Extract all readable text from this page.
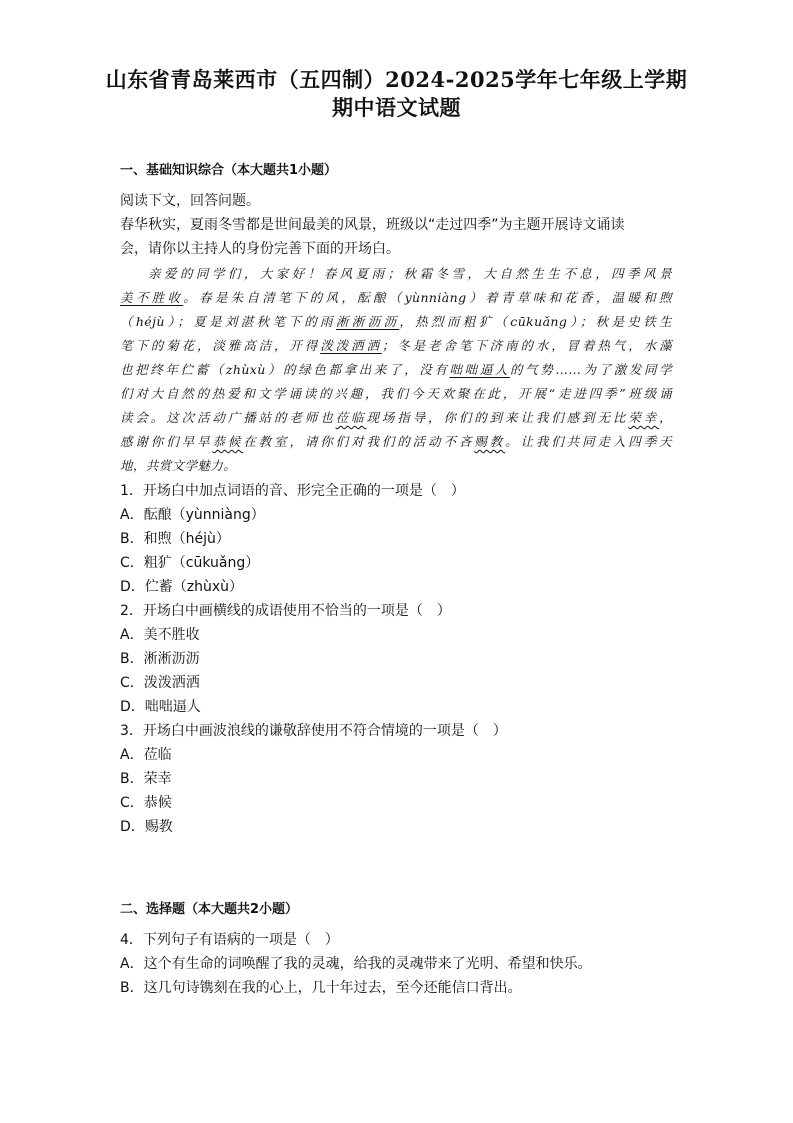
山东省青岛莱西市（五四制）2024-2025学年七年级上学期
期中语文试题
一、基础知识综合（本大题共1小题）
阅读下文，回答问题。
春华秋实，夏雨冬雪都是世间最美的风景，班级以“走过四季”为主题开展诗文诵读
会，请你以主持人的身份完善下面的开场白。
亲爱的同学们，大家好！春风夏雨；秋霜冬雪，大自然生生不息，四季风景
美不胜收。春是朱自清笔下的风，酝酿（yùnniàng）着青草味和花香，温暖和煦
（héjù）；夏是刘湛秋笔下的雨淅淅沥沥，热烈而粗犷（cūkuǎng）；秋是史铁生
笔下的菊花，淡雅高洁，开得泼泼洒洒；冬是老舍笔下济南的水，冒着热气，水藻
也把终年伫蓄（zhùxù）的绿色都拿出来了，没有咄咄逼人的气势……为了激发同学
们对大自然的热爱和文学诵读的兴趣，我们今天欢聚在此，开展“走进四季”班级诵
读会。这次活动广播站的老师也莅临现场指导，你们的到来让我们感到无比荣幸，
感谢你们早早恭候在教室，请你们对我们的活动不吝赐教。让我们共同走入四季天
地，共赏文学魅力。
1．开场白中加点词语的音、形完全正确的一项是（　）
A．酝酿（yùnniàng）
B．和煦（héjù）
C．粗犷（cūkuǎng）
D．伫蓄（zhùxù）
2．开场白中画横线的成语使用不恰当的一项是（　）
A．美不胜收
B．淅淅沥沥
C．泼泼洒洒
D．咄咄逼人
3．开场白中画波浪线的谦敬辞使用不符合情境的一项是（　）
A．莅临
B．荣幸
C．恭候
D．赐教
二、选择题（本大题共2小题）
4．下列句子有语病的一项是（　）
A．这个有生命的词唤醒了我的灵魂，给我的灵魂带来了光明、希望和快乐。
B．这几句诗镌刻在我的心上，几十年过去，至今还能信口背出。
